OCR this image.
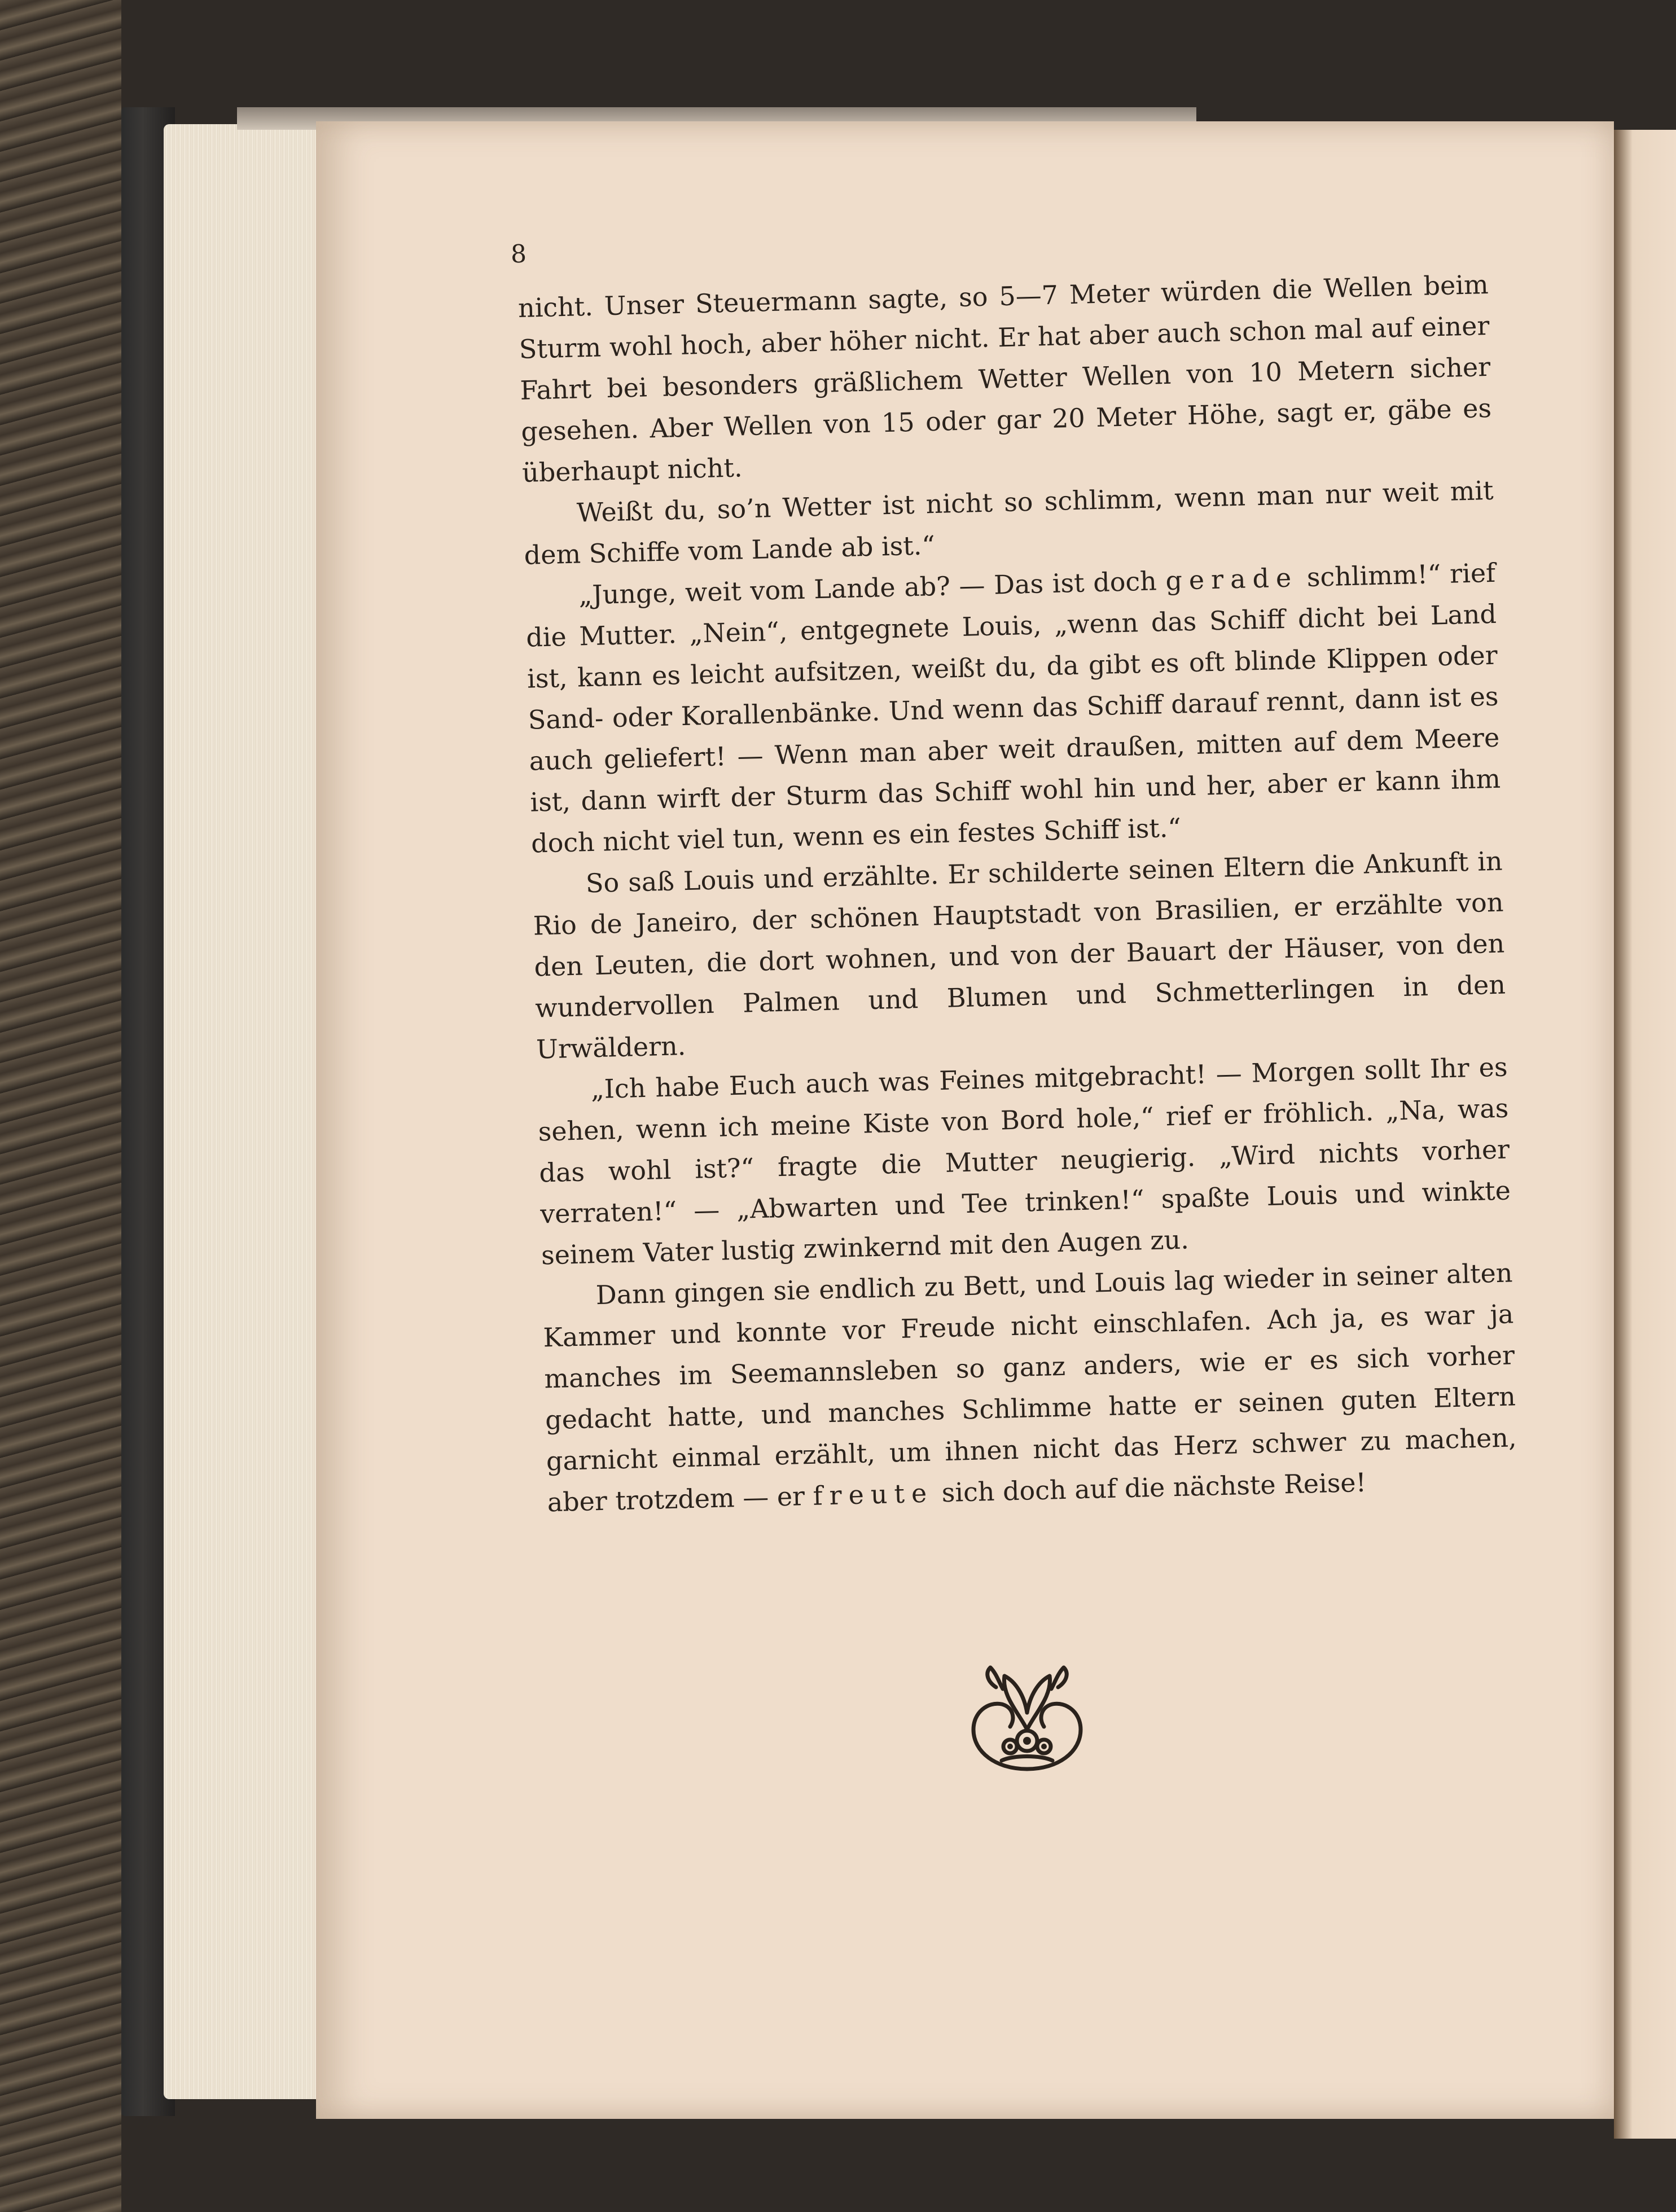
8

nicht. Unser Steuermann sagte, so 5—7 Meter würden die Wellen beim Sturm wohl hoch, aber höher nicht. Er hat aber auch schon mal auf einer Fahrt bei besonders gräßlichem Wetter Wellen von 10 Metern sicher gesehen. Aber Wellen von 15 oder gar 20 Meter Höhe, sagt er, gäbe es überhaupt nicht.

Weißt du, so’n Wetter ist nicht so schlimm, wenn man nur weit mit dem Schiffe vom Lande ab ist.“

„Junge, weit vom Lande ab? — Das ist doch gerade schlimm!“ rief die Mutter. „Nein“, entgegnete Louis, „wenn das Schiff dicht bei Land ist, kann es leicht aufsitzen, weißt du, da gibt es oft blinde Klippen oder Sand- oder Korallenbänke. Und wenn das Schiff darauf rennt, dann ist es auch geliefert! — Wenn man aber weit draußen, mitten auf dem Meere ist, dann wirft der Sturm das Schiff wohl hin und her, aber er kann ihm doch nicht viel tun, wenn es ein festes Schiff ist.“

So saß Louis und erzählte. Er schilderte seinen Eltern die Ankunft in Rio de Janeiro, der schönen Hauptstadt von Brasilien, er erzählte von den Leuten, die dort wohnen, und von der Bauart der Häuser, von den wundervollen Palmen und Blumen und Schmetterlingen in den Urwäldern.

„Ich habe Euch auch was Feines mitgebracht! — Morgen sollt Ihr es sehen, wenn ich meine Kiste von Bord hole,“ rief er fröhlich. „Na, was das wohl ist?“ fragte die Mutter neugierig. „Wird nichts vorher verraten!“ — „Abwarten und Tee trinken!“ spaßte Louis und winkte seinem Vater lustig zwinkernd mit den Augen zu.

Dann gingen sie endlich zu Bett, und Louis lag wieder in seiner alten Kammer und konnte vor Freude nicht einschlafen. Ach ja, es war ja manches im Seemannsleben so ganz anders, wie er es sich vorher gedacht hatte, und manches Schlimme hatte er seinen guten Eltern garnicht einmal erzählt, um ihnen nicht das Herz schwer zu machen, aber trotzdem — er freute sich doch auf die nächste Reise!
